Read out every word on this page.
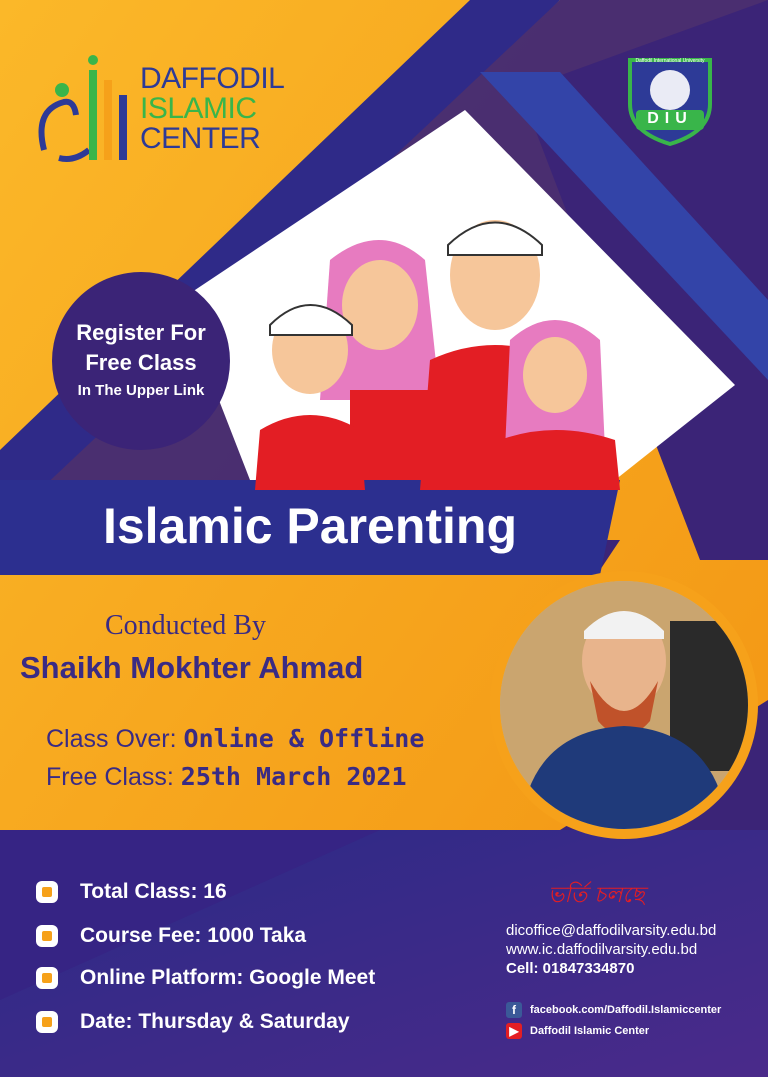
DAFFODIL
ISLAMIC
CENTER
DIU
Daffodil International University
Register For
Free Class
In The Upper Link
Islamic Parenting
Conducted By
Shaikh Mokhter Ahmad
Class Over: Online & Offline
Free Class: 25th March 2021
Total Class: 16
Course Fee: 1000 Taka
Online Platform: Google Meet
Date: Thursday & Saturday
ভর্তি চলছে
dicoffice@daffodilvarsity.edu.bd
www.ic.daffodilvarsity.edu.bd
Cell: 01847334870
f	facebook.com/Daffodil.Islamiccenter
▶	Daffodil Islamic Center
